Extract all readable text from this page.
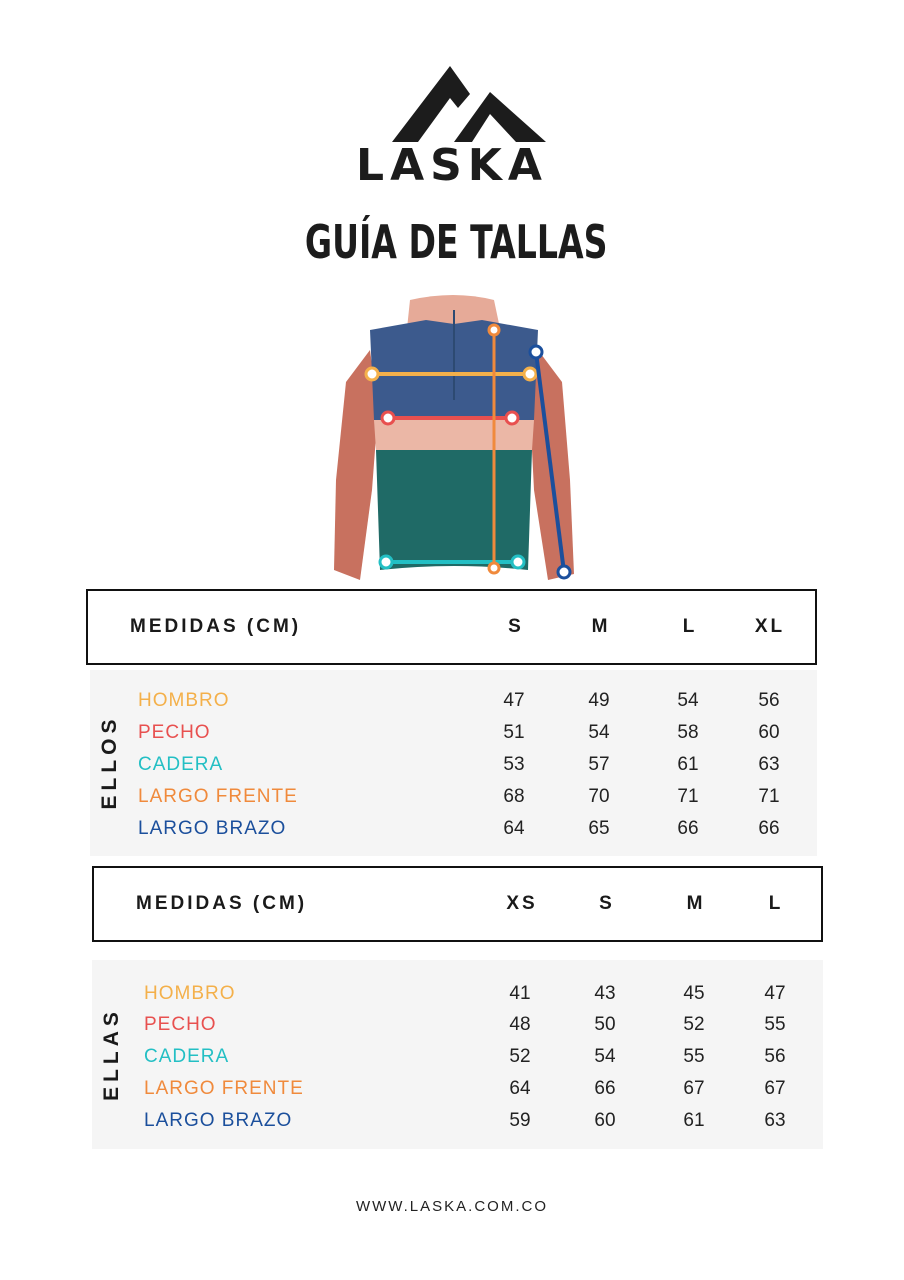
LASKA
GUÍA DE TALLAS
MEDIDAS (CM)	S	M	L	XL
ELLOS
HOMBRO	47	49	54	56
PECHO	51	54	58	60
CADERA	53	57	61	63
LARGO FRENTE	68	70	71	71
LARGO BRAZO	64	65	66	66
MEDIDAS (CM)	XS	S	M	L
ELLAS
HOMBRO	41	43	45	47
PECHO	48	50	52	55
CADERA	52	54	55	56
LARGO FRENTE	64	66	67	67
LARGO BRAZO	59	60	61	63
WWW.LASKA.COM.CO
